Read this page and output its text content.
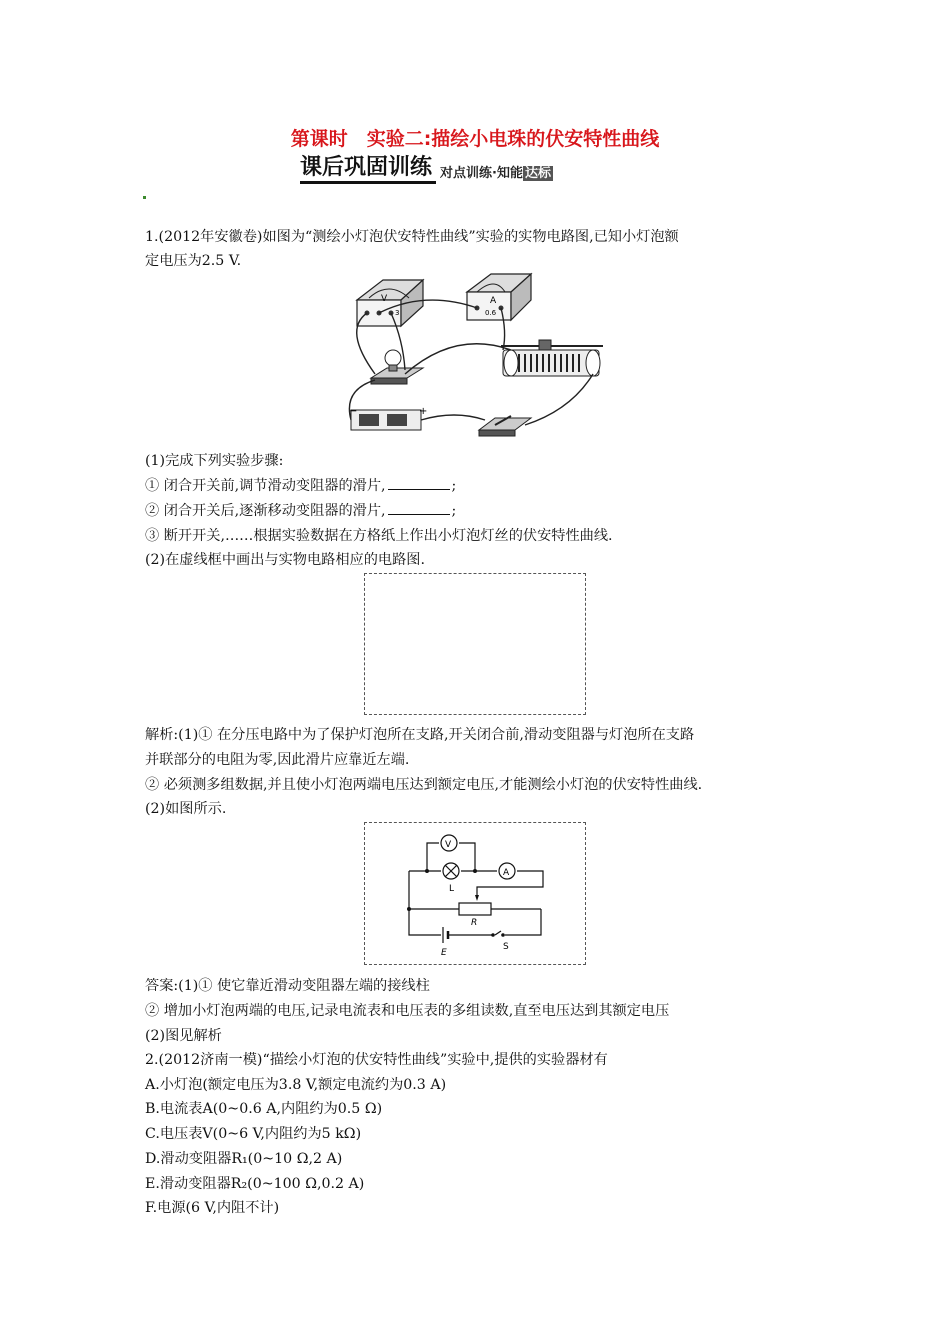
第课时　实验二:描绘小电珠的伏安特性曲线
课后巩固训练 对点训练·知能 达标
1.(2012年安徽卷)如图为“测绘小灯泡伏安特性曲线”实验的实物电路图,已知小灯泡额
定电压为2.5 V.
V
3
A
0.6
−	+
(1)完成下列实验步骤:
① 闭合开关前,调节滑动变阻器的滑片,	;
② 闭合开关后,逐渐移动变阻器的滑片,	;
③ 断开开关,……根据实验数据在方格纸上作出小灯泡灯丝的伏安特性曲线.
(2)在虚线框中画出与实物电路相应的电路图.
解析:(1)① 在分压电路中为了保护灯泡所在支路,开关闭合前,滑动变阻器与灯泡所在支路
并联部分的电阻为零,因此滑片应靠近左端.
② 必须测多组数据,并且使小灯泡两端电压达到额定电压,才能测绘小灯泡的伏安特性曲线.
(2)如图所示.
V
A
L
R
E
S
答案:(1)① 使它靠近滑动变阻器左端的接线柱
② 增加小灯泡两端的电压,记录电流表和电压表的多组读数,直至电压达到其额定电压
(2)图见解析
2.(2012济南一模)“描绘小灯泡的伏安特性曲线”实验中,提供的实验器材有
A.小灯泡(额定电压为3.8 V,额定电流约为0.3 A)
B.电流表A(0~0.6 A,内阻约为0.5 Ω)
C.电压表V(0~6 V,内阻约为5 kΩ)
D.滑动变阻器R₁(0~10 Ω,2 A)
E.滑动变阻器R₂(0~100 Ω,0.2 A)
F.电源(6 V,内阻不计)
